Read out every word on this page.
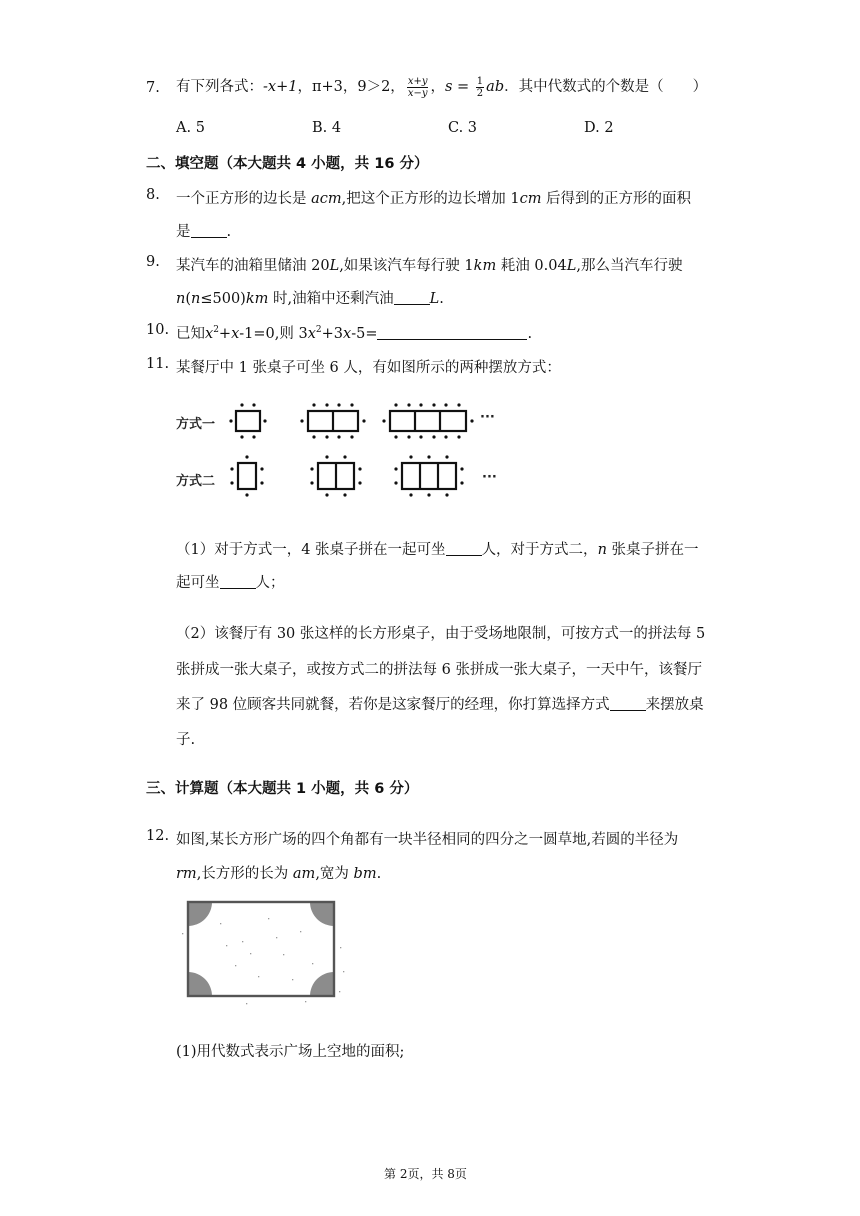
7.	有下列各式：-x+1，π+3，9＞2， $\frac{x+y}{x-y}$ ，$s = \frac{1}{2}$ ab．其中代数式的个数是（　　）
A. 5	B. 4	C. 3	D. 2
二、填空题（本大题共 4 小题，共 16 分）
8.	一个正方形的边长是 acm,把这个正方形的边长增加 1cm 后得到的正方形的面积
是 .
9.	某汽车的油箱里储油 20L,如果该汽车每行驶 1km 耗油 0.04L,那么当汽车行驶
n(n≤500)km 时,油箱中还剩汽油 L.
10. 已知$x^2+x-1=0$,则 $3x^2+3x-5=$	.
11. 某餐厅中 1 张桌子可坐 6 人，有如图所示的两种摆放方式：
方式一
方式二
···
···
（1）对于方式一，4 张桌子拼在一起可坐 人，对于方式二，n 张桌子拼在一
起可坐 人；
（2）该餐厅有 30 张这样的长方形桌子，由于受场地限制，可按方式一的拼法每 5
张拼成一张大桌子，或按方式二的拼法每 6 张拼成一张大桌子，一天中午，该餐厅
来了 98 位顾客共同就餐，若你是这家餐厅的经理，你打算选择方式 来摆放桌
子.
三、计算题（本大题共 1 小题，共 6 分）
12. 如图,某长方形广场的四个角都有一块半径相同的四分之一圆草地,若圆的半径为
rm,长方形的长为 am,宽为 bm.
(1)用代数式表示广场上空地的面积;
第 2页，共 8页
